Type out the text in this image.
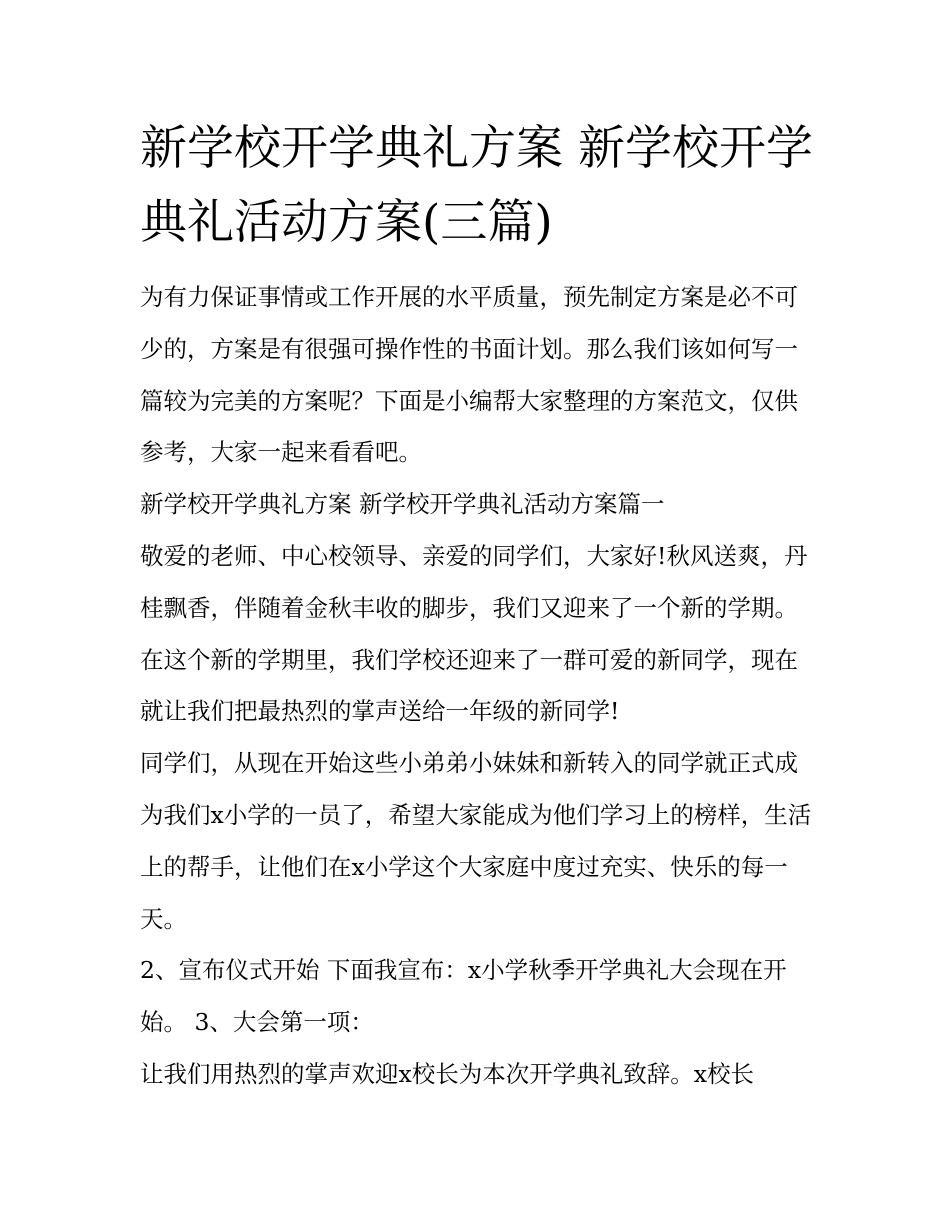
新学校开学典礼方案 新学校开学典礼活动方案(三篇)

为有力保证事情或工作开展的水平质量，预先制定方案是必不可少的，方案是有很强可操作性的书面计划。那么我们该如何写一篇较为完美的方案呢？下面是小编帮大家整理的方案范文，仅供参考，大家一起来看看吧。

新学校开学典礼方案 新学校开学典礼活动方案篇一

敬爱的老师、中心校领导、亲爱的同学们，大家好!秋风送爽，丹桂飘香，伴随着金秋丰收的脚步，我们又迎来了一个新的学期。在这个新的学期里，我们学校还迎来了一群可爱的新同学，现在就让我们把最热烈的掌声送给一年级的新同学!

同学们，从现在开始这些小弟弟小妹妹和新转入的同学就正式成为我们x小学的一员了，希望大家能成为他们学习上的榜样，生活上的帮手，让他们在x小学这个大家庭中度过充实、快乐的每一天。

2、宣布仪式开始 下面我宣布：x小学秋季开学典礼大会现在开始。 3、大会第一项：

让我们用热烈的掌声欢迎x校长为本次开学典礼致辞。x校长
